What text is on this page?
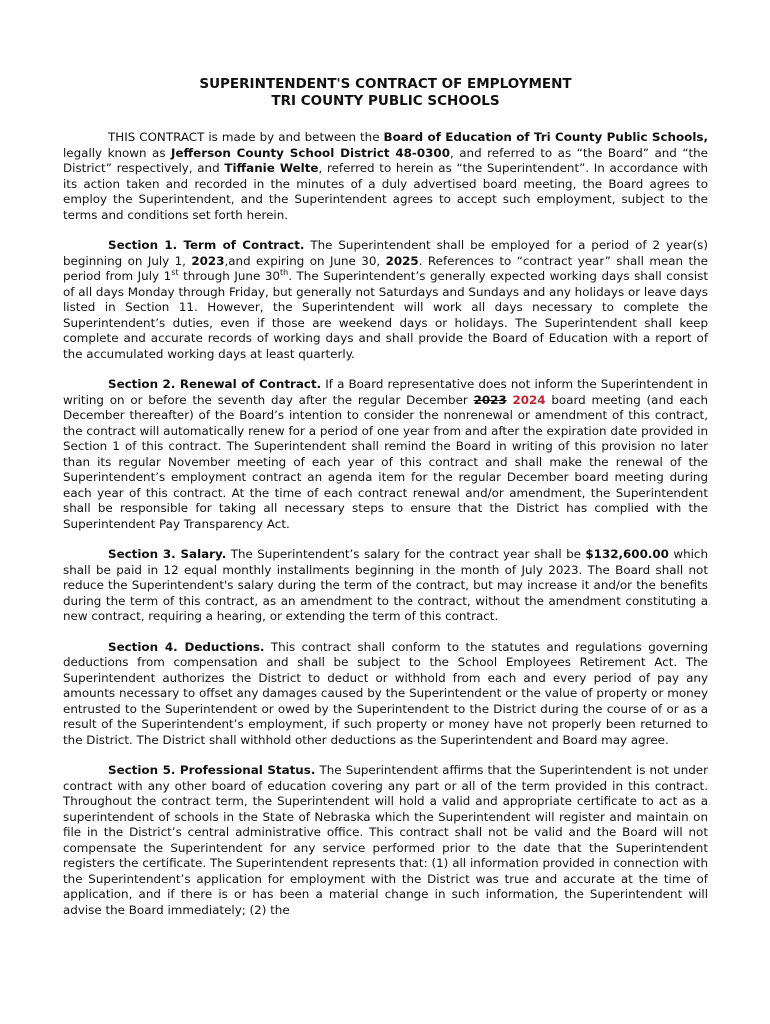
SUPERINTENDENT'S CONTRACT OF EMPLOYMENT
TRI COUNTY PUBLIC SCHOOLS

THIS CONTRACT is made by and between the Board of Education of Tri County Public Schools, legally known as Jefferson County School District 48-0300, and referred to as “the Board” and “the District” respectively, and Tiffanie Welte, referred to herein as “the Superintendent”. In accordance with its action taken and recorded in the minutes of a duly advertised board meeting, the Board agrees to employ the Superintendent, and the Superintendent agrees to accept such employment, subject to the terms and conditions set forth herein.

Section 1. Term of Contract. The Superintendent shall be employed for a period of 2 year(s) beginning on July 1, 2023,and expiring on June 30, 2025. References to “contract year” shall mean the period from July 1st through June 30th. The Superintendent’s generally expected working days shall consist of all days Monday through Friday, but generally not Saturdays and Sundays and any holidays or leave days listed in Section 11. However, the Superintendent will work all days necessary to complete the Superintendent’s duties, even if those are weekend days or holidays. The Superintendent shall keep complete and accurate records of working days and shall provide the Board of Education with a report of the accumulated working days at least quarterly.

Section 2. Renewal of Contract. If a Board representative does not inform the Superintendent in writing on or before the seventh day after the regular December 2023 2024 board meeting (and each December thereafter) of the Board’s intention to consider the nonrenewal or amendment of this contract, the contract will automatically renew for a period of one year from and after the expiration date provided in Section 1 of this contract. The Superintendent shall remind the Board in writing of this provision no later than its regular November meeting of each year of this contract and shall make the renewal of the Superintendent’s employment contract an agenda item for the regular December board meeting during each year of this contract. At the time of each contract renewal and/or amendment, the Superintendent shall be responsible for taking all necessary steps to ensure that the District has complied with the Superintendent Pay Transparency Act.

Section 3. Salary. The Superintendent’s salary for the contract year shall be $132,600.00 which shall be paid in 12 equal monthly installments beginning in the month of July 2023. The Board shall not reduce the Superintendent's salary during the term of the contract, but may increase it and/or the benefits during the term of this contract, as an amendment to the contract, without the amendment constituting a new contract, requiring a hearing, or extending the term of this contract.

Section 4. Deductions. This contract shall conform to the statutes and regulations governing deductions from compensation and shall be subject to the School Employees Retirement Act. The Superintendent authorizes the District to deduct or withhold from each and every period of pay any amounts necessary to offset any damages caused by the Superintendent or the value of property or money entrusted to the Superintendent or owed by the Superintendent to the District during the course of or as a result of the Superintendent’s employment, if such property or money have not properly been returned to the District. The District shall withhold other deductions as the Superintendent and Board may agree.

Section 5. Professional Status. The Superintendent affirms that the Superintendent is not under contract with any other board of education covering any part or all of the term provided in this contract. Throughout the contract term, the Superintendent will hold a valid and appropriate certificate to act as a superintendent of schools in the State of Nebraska which the Superintendent will register and maintain on file in the District’s central administrative office. This contract shall not be valid and the Board will not compensate the Superintendent for any service performed prior to the date that the Superintendent registers the certificate. The Superintendent represents that: (1) all information provided in connection with the Superintendent’s application for employment with the District was true and accurate at the time of application, and if there is or has been a material change in such information, the Superintendent will advise the Board immediately; (2) the
